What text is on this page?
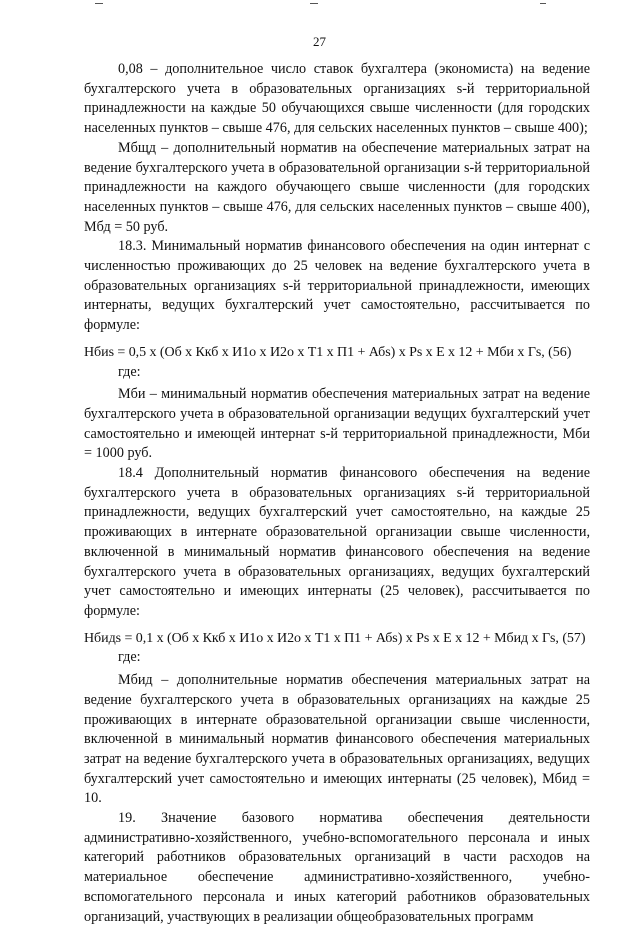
27

0,08 – дополнительное число ставок бухгалтера (экономиста) на ведение бухгалтерского учета в образовательных организациях s-й территориальной принадлежности на каждые 50 обучающихся свыше численности (для городских населенных пунктов – свыше 476, для сельских населенных пунктов – свыше 400);

Мбщд – дополнительный норматив на обеспечение материальных затрат на ведение бухгалтерского учета в образовательной организации s-й территориальной принадлежности на каждого обучающего свыше численности (для городских населенных пунктов – свыше 476, для сельских населенных пунктов – свыше 400), Мбд = 50 руб.

18.3. Минимальный норматив финансового обеспечения на один интернат с численностью проживающих до 25 человек на ведение бухгалтерского учета в образовательных организациях s-й территориальной принадлежности, имеющих интернаты, ведущих бухгалтерский учет самостоятельно, рассчитывается по формуле:

Нбиs = 0,5 х (Об х Ккб х И1о х И2о х Т1 х П1 + Абs) х Рs х Е х 12 + Мби х Гs, (56)

где:

Мби – минимальный норматив обеспечения материальных затрат на ведение бухгалтерского учета в образовательной организации ведущих бухгалтерский учет самостоятельно и имеющей интернат s-й территориальной принадлежности, Мби = 1000 руб.

18.4 Дополнительный норматив финансового обеспечения на ведение бухгалтерского учета в образовательных организациях s-й территориальной принадлежности, ведущих бухгалтерский учет самостоятельно, на каждые 25 проживающих в интернате образовательной организации свыше численности, включенной в минимальный норматив финансового обеспечения на ведение бухгалтерского учета в образовательных организациях, ведущих бухгалтерский учет самостоятельно и имеющих интернаты (25 человек), рассчитывается по формуле:

Нбидs = 0,1 х (Об х Ккб х И1о х И2о х Т1 х П1 + Абs) х Рs х Е х 12 + Мбид х Гs, (57)

где:

Мбид – дополнительные норматив обеспечения материальных затрат на ведение бухгалтерского учета в образовательных организациях на каждые 25 проживающих в интернате образовательной организации свыше численности, включенной в минимальный норматив финансового обеспечения материальных затрат на ведение бухгалтерского учета в образовательных организациях, ведущих бухгалтерский учет самостоятельно и имеющих интернаты (25 человек), Мбид = 10.

19. Значение базового норматива обеспечения деятельности административно-хозяйственного, учебно-вспомогательного персонала и иных категорий работников образовательных организаций в части расходов на материальное обеспечение административно-хозяйственного, учебно-вспомогательного персонала и иных категорий работников образовательных организаций, участвующих в реализации общеобразовательных программ
